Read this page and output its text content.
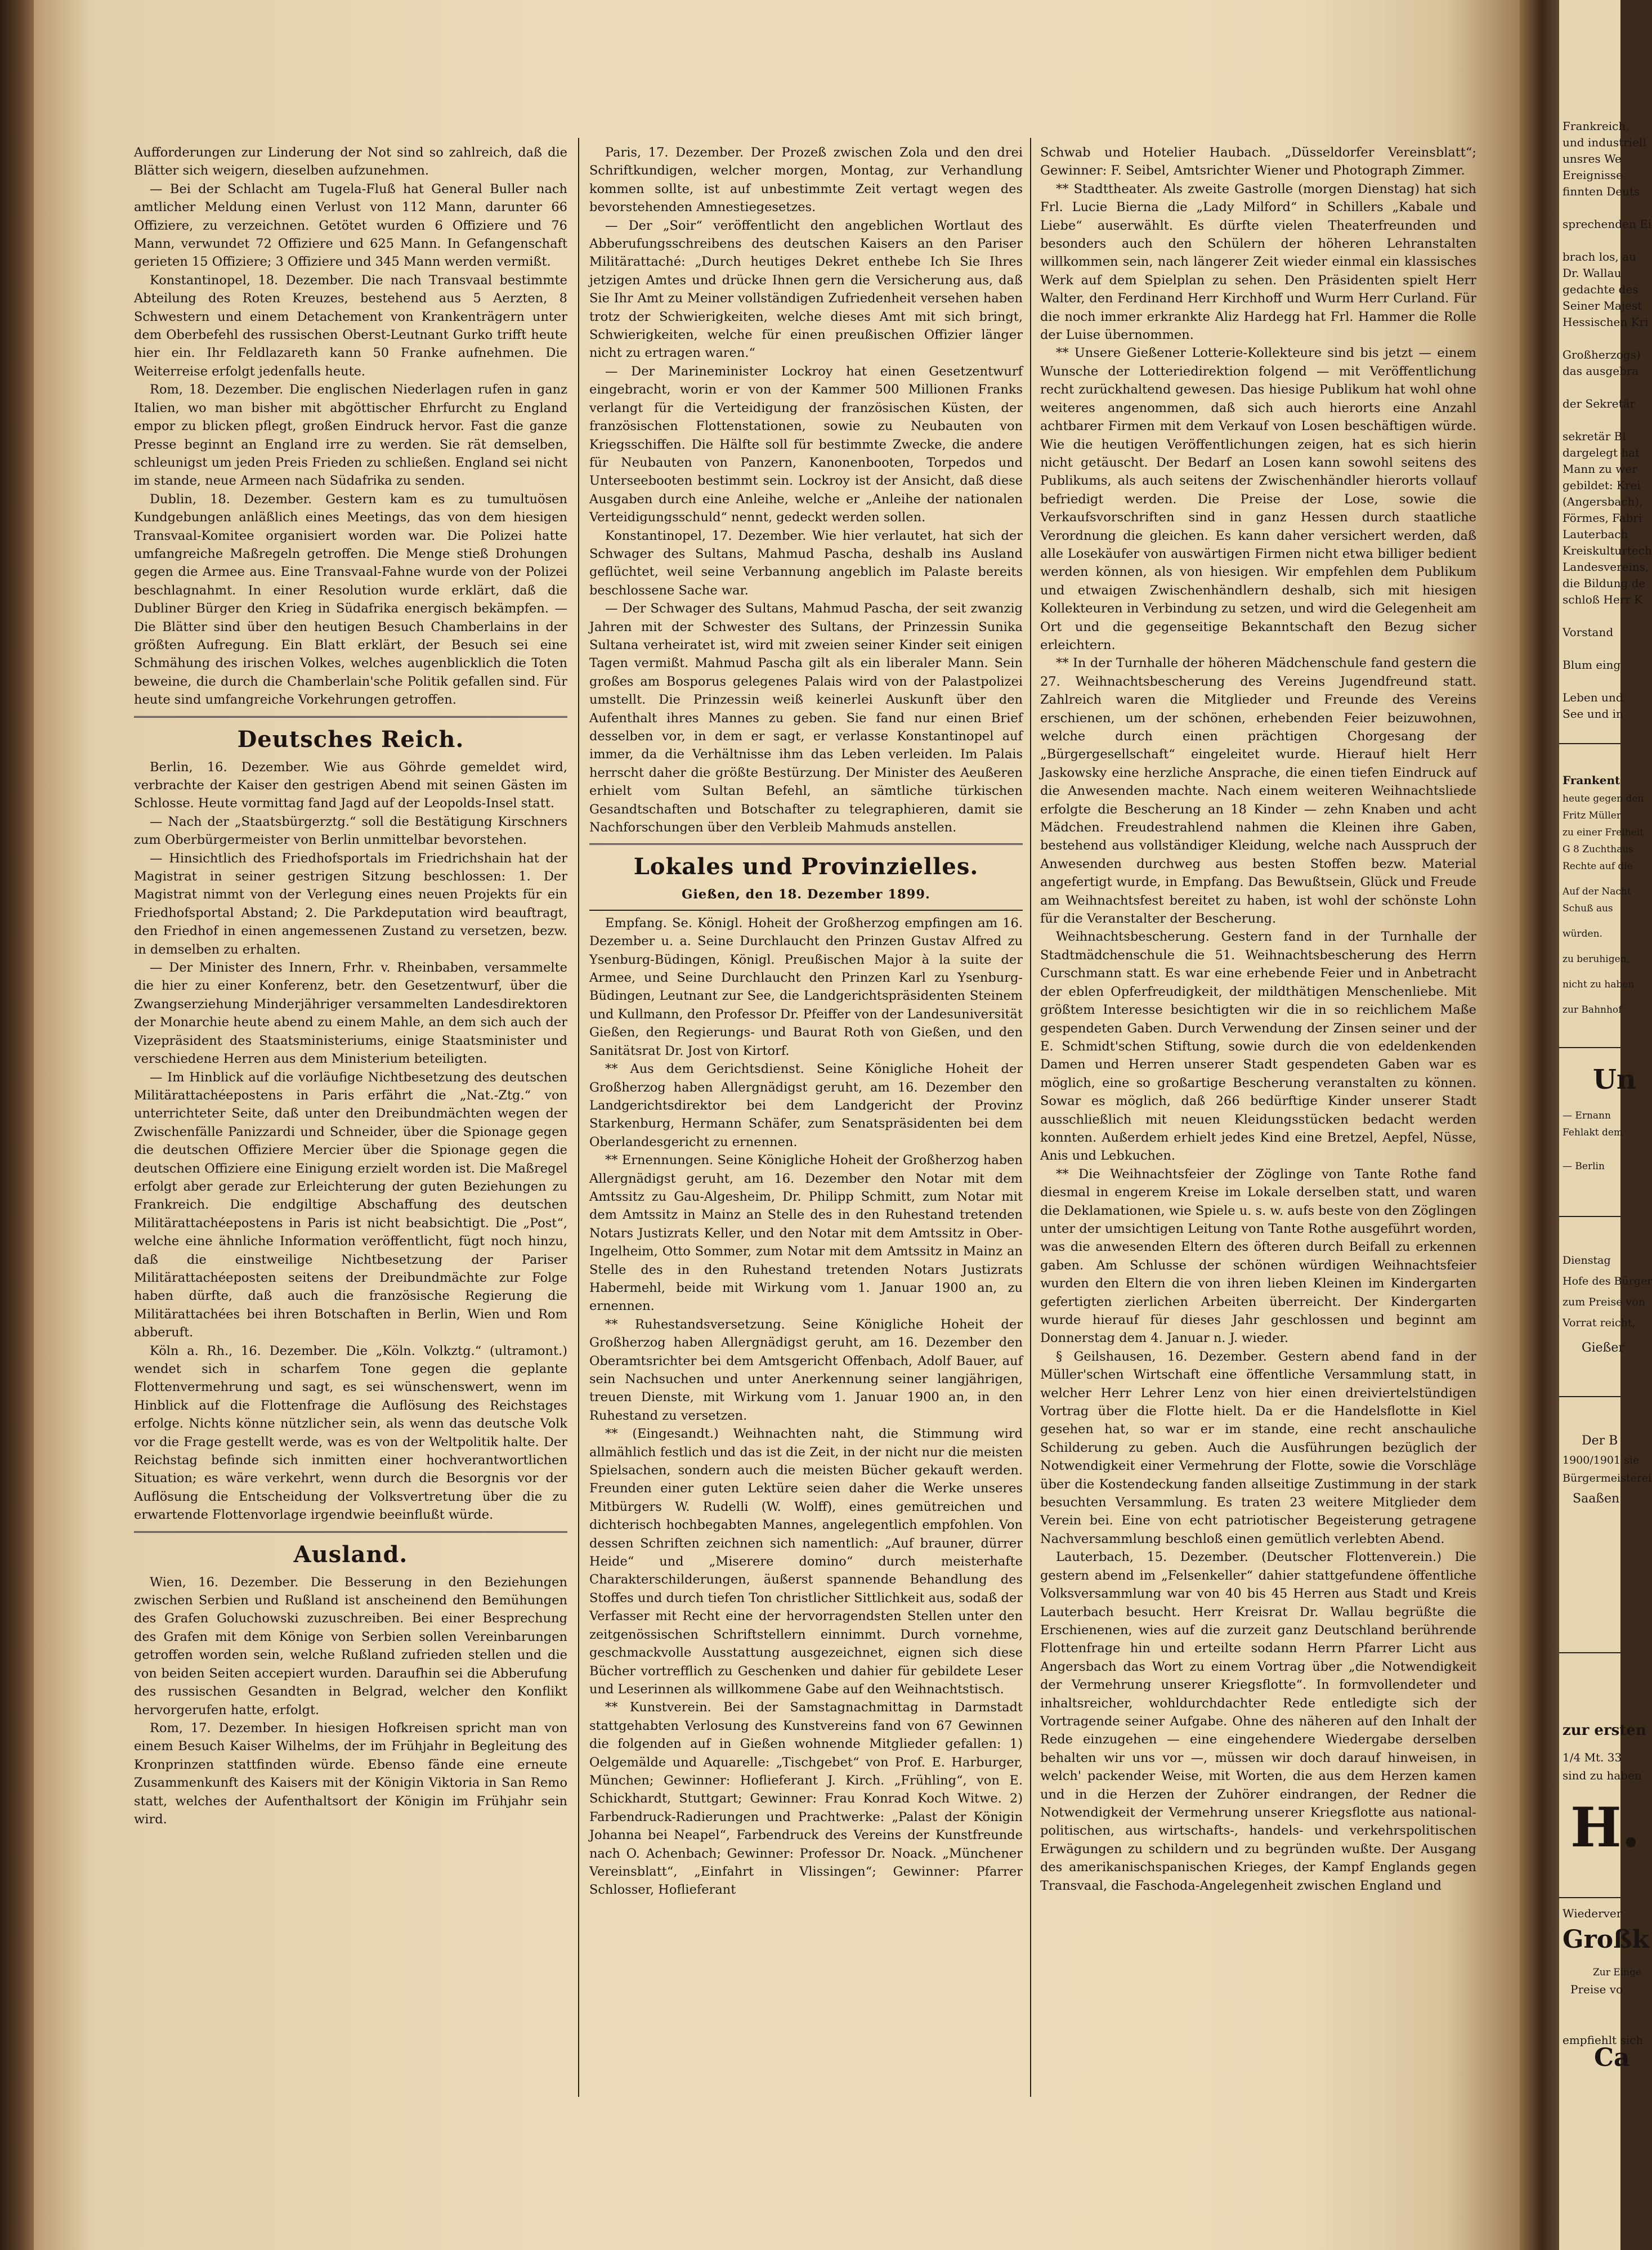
Aufforderungen zur Linderung der Not sind so zahlreich, daß die Blätter sich weigern, dieselben aufzunehmen.

— Bei der Schlacht am Tugela-Fluß hat General Buller nach amtlicher Meldung einen Verlust von 112 Mann, darunter 66 Offiziere, zu verzeichnen. Getötet wurden 6 Offiziere und 76 Mann, verwundet 72 Offiziere und 625 Mann. In Gefangenschaft gerieten 15 Offiziere; 3 Offiziere und 345 Mann werden vermißt.

Konstantinopel, 18. Dezember. Die nach Transvaal bestimmte Abteilung des Roten Kreuzes, bestehend aus 5 Aerzten, 8 Schwestern und einem Detachement von Krankenträgern unter dem Oberbefehl des russischen Oberst-Leutnant Gurko trifft heute hier ein. Ihr Feldlazareth kann 50 Franke aufnehmen. Die Weiterreise erfolgt jedenfalls heute.

Rom, 18. Dezember. Die englischen Niederlagen rufen in ganz Italien, wo man bisher mit abgöttischer Ehrfurcht zu England empor zu blicken pflegt, großen Eindruck hervor. Fast die ganze Presse beginnt an England irre zu werden. Sie rät demselben, schleunigst um jeden Preis Frieden zu schließen. England sei nicht im stande, neue Armeen nach Südafrika zu senden.

Dublin, 18. Dezember. Gestern kam es zu tumultuösen Kundgebungen anläßlich eines Meetings, das von dem hiesigen Transvaal-Komitee organisiert worden war. Die Polizei hatte umfangreiche Maßregeln getroffen. Die Menge stieß Drohungen gegen die Armee aus. Eine Transvaal-Fahne wurde von der Polizei beschlagnahmt. In einer Resolution wurde erklärt, daß die Dubliner Bürger den Krieg in Südafrika energisch bekämpfen. — Die Blätter sind über den heutigen Besuch Chamberlains in der größten Aufregung. Ein Blatt erklärt, der Besuch sei eine Schmähung des irischen Volkes, welches augenblicklich die Toten beweine, die durch die Chamberlain'sche Politik gefallen sind. Für heute sind umfangreiche Vorkehrungen getroffen.

Deutsches Reich.

Berlin, 16. Dezember. Wie aus Göhrde gemeldet wird, verbrachte der Kaiser den gestrigen Abend mit seinen Gästen im Schlosse. Heute vormittag fand Jagd auf der Leopolds-Insel statt.

— Nach der „Staatsbürgerztg.“ soll die Bestätigung Kirschners zum Oberbürgermeister von Berlin unmittelbar bevorstehen.

— Hinsichtlich des Friedhofsportals im Friedrichshain hat der Magistrat in seiner gestrigen Sitzung beschlossen: 1. Der Magistrat nimmt von der Verlegung eines neuen Projekts für ein Friedhofsportal Abstand; 2. Die Parkdeputation wird beauftragt, den Friedhof in einen angemessenen Zustand zu versetzen, bezw. in demselben zu erhalten.

— Der Minister des Innern, Frhr. v. Rheinbaben, versammelte die hier zu einer Konferenz, betr. den Gesetzentwurf, über die Zwangserziehung Minderjähriger versammelten Landesdirektoren der Monarchie heute abend zu einem Mahle, an dem sich auch der Vizepräsident des Staatsministeriums, einige Staatsminister und verschiedene Herren aus dem Ministerium beteiligten.

— Im Hinblick auf die vorläufige Nichtbesetzung des deutschen Militärattachéepostens in Paris erfährt die „Nat.-Ztg.“ von unterrichteter Seite, daß unter den Dreibundmächten wegen der Zwischenfälle Panizzardi und Schneider, über die Spionage gegen die deutschen Offiziere Mercier über die Spionage gegen die deutschen Offiziere eine Einigung erzielt worden ist. Die Maßregel erfolgt aber gerade zur Erleichterung der guten Beziehungen zu Frankreich. Die endgiltige Abschaffung des deutschen Militärattachéepostens in Paris ist nicht beabsichtigt. Die „Post“, welche eine ähnliche Information veröffentlicht, fügt noch hinzu, daß die einstweilige Nichtbesetzung der Pariser Militärattachéeposten seitens der Dreibundmächte zur Folge haben dürfte, daß auch die französische Regierung die Militärattachées bei ihren Botschaften in Berlin, Wien und Rom abberuft.

Köln a. Rh., 16. Dezember. Die „Köln. Volkztg.“ (ultramont.) wendet sich in scharfem Tone gegen die geplante Flottenvermehrung und sagt, es sei wünschenswert, wenn im Hinblick auf die Flottenfrage die Auflösung des Reichstages erfolge. Nichts könne nützlicher sein, als wenn das deutsche Volk vor die Frage gestellt werde, was es von der Weltpolitik halte. Der Reichstag befinde sich inmitten einer hochverantwortlichen Situation; es wäre verkehrt, wenn durch die Besorgnis vor der Auflösung die Entscheidung der Volksvertretung über die zu erwartende Flottenvorlage irgendwie beeinflußt würde.

Ausland.

Wien, 16. Dezember. Die Besserung in den Beziehungen zwischen Serbien und Rußland ist anscheinend den Bemühungen des Grafen Goluchowski zuzuschreiben. Bei einer Besprechung des Grafen mit dem Könige von Serbien sollen Vereinbarungen getroffen worden sein, welche Rußland zufrieden stellen und die von beiden Seiten accepiert wurden. Daraufhin sei die Abberufung des russischen Gesandten in Belgrad, welcher den Konflikt hervorgerufen hatte, erfolgt.

Rom, 17. Dezember. In hiesigen Hofkreisen spricht man von einem Besuch Kaiser Wilhelms, der im Frühjahr in Begleitung des Kronprinzen stattfinden würde. Ebenso fände eine erneute Zusammenkunft des Kaisers mit der Königin Viktoria in San Remo statt, welches der Aufenthaltsort der Königin im Frühjahr sein wird.

Paris, 17. Dezember. Der Prozeß zwischen Zola und den drei Schriftkundigen, welcher morgen, Montag, zur Verhandlung kommen sollte, ist auf unbestimmte Zeit vertagt wegen des bevorstehenden Amnestiegesetzes.

— Der „Soir“ veröffentlicht den angeblichen Wortlaut des Abberufungsschreibens des deutschen Kaisers an den Pariser Militärattaché: „Durch heutiges Dekret enthebe Ich Sie Ihres jetzigen Amtes und drücke Ihnen gern die Versicherung aus, daß Sie Ihr Amt zu Meiner vollständigen Zufriedenheit versehen haben trotz der Schwierigkeiten, welche dieses Amt mit sich bringt, Schwierigkeiten, welche für einen preußischen Offizier länger nicht zu ertragen waren.“

— Der Marineminister Lockroy hat einen Gesetzentwurf eingebracht, worin er von der Kammer 500 Millionen Franks verlangt für die Verteidigung der französischen Küsten, der französischen Flottenstationen, sowie zu Neubauten von Kriegsschiffen. Die Hälfte soll für bestimmte Zwecke, die andere für Neubauten von Panzern, Kanonenbooten, Torpedos und Unterseebooten bestimmt sein. Lockroy ist der Ansicht, daß diese Ausgaben durch eine Anleihe, welche er „Anleihe der nationalen Verteidigungsschuld“ nennt, gedeckt werden sollen.

Konstantinopel, 17. Dezember. Wie hier verlautet, hat sich der Schwager des Sultans, Mahmud Pascha, deshalb ins Ausland geflüchtet, weil seine Verbannung angeblich im Palaste bereits beschlossene Sache war.

— Der Schwager des Sultans, Mahmud Pascha, der seit zwanzig Jahren mit der Schwester des Sultans, der Prinzessin Sunika Sultana verheiratet ist, wird mit zweien seiner Kinder seit einigen Tagen vermißt. Mahmud Pascha gilt als ein liberaler Mann. Sein großes am Bosporus gelegenes Palais wird von der Palastpolizei umstellt. Die Prinzessin weiß keinerlei Auskunft über den Aufenthalt ihres Mannes zu geben. Sie fand nur einen Brief desselben vor, in dem er sagt, er verlasse Konstantinopel auf immer, da die Verhältnisse ihm das Leben verleiden. Im Palais herrscht daher die größte Bestürzung. Der Minister des Aeußeren erhielt vom Sultan Befehl, an sämtliche türkischen Gesandtschaften und Botschafter zu telegraphieren, damit sie Nachforschungen über den Verbleib Mahmuds anstellen.

Lokales und Provinzielles.
Gießen, den 18. Dezember 1899.

Empfang. Se. Königl. Hoheit der Großherzog empfingen am 16. Dezember u. a. Seine Durchlaucht den Prinzen Gustav Alfred zu Ysenburg-Büdingen, Königl. Preußischen Major à la suite der Armee, und Seine Durchlaucht den Prinzen Karl zu Ysenburg-Büdingen, Leutnant zur See, die Landgerichtspräsidenten Steinem und Kullmann, den Professor Dr. Pfeiffer von der Landesuniversität Gießen, den Regierungs- und Baurat Roth von Gießen, und den Sanitätsrat Dr. Jost von Kirtorf.

** Aus dem Gerichtsdienst. Seine Königliche Hoheit der Großherzog haben Allergnädigst geruht, am 16. Dezember den Landgerichtsdirektor bei dem Landgericht der Provinz Starkenburg, Hermann Schäfer, zum Senatspräsidenten bei dem Oberlandesgericht zu ernennen.

** Ernennungen. Seine Königliche Hoheit der Großherzog haben Allergnädigst geruht, am 16. Dezember den Notar mit dem Amtssitz zu Gau-Algesheim, Dr. Philipp Schmitt, zum Notar mit dem Amtssitz in Mainz an Stelle des in den Ruhestand tretenden Notars Justizrats Keller, und den Notar mit dem Amtssitz in Ober-Ingelheim, Otto Sommer, zum Notar mit dem Amtssitz in Mainz an Stelle des in den Ruhestand tretenden Notars Justizrats Habermehl, beide mit Wirkung vom 1. Januar 1900 an, zu ernennen.

** Ruhestandsversetzung. Seine Königliche Hoheit der Großherzog haben Allergnädigst geruht, am 16. Dezember den Oberamtsrichter bei dem Amtsgericht Offenbach, Adolf Bauer, auf sein Nachsuchen und unter Anerkennung seiner langjährigen, treuen Dienste, mit Wirkung vom 1. Januar 1900 an, in den Ruhestand zu versetzen.

** (Eingesandt.) Weihnachten naht, die Stimmung wird allmählich festlich und das ist die Zeit, in der nicht nur die meisten Spielsachen, sondern auch die meisten Bücher gekauft werden. Freunden einer guten Lektüre seien daher die Werke unseres Mitbürgers W. Rudelli (W. Wolff), eines gemütreichen und dichterisch hochbegabten Mannes, angelegentlich empfohlen. Von dessen Schriften zeichnen sich namentlich: „Auf brauner, dürrer Heide“ und „Miserere domino“ durch meisterhafte Charakterschilderungen, äußerst spannende Behandlung des Stoffes und durch tiefen Ton christlicher Sittlichkeit aus, sodaß der Verfasser mit Recht eine der hervorragendsten Stellen unter den zeitgenössischen Schriftstellern einnimmt. Durch vornehme, geschmackvolle Ausstattung ausgezeichnet, eignen sich diese Bücher vortrefflich zu Geschenken und dahier für gebildete Leser und Leserinnen als willkommene Gabe auf den Weihnachtstisch.

** Kunstverein. Bei der Samstagnachmittag in Darmstadt stattgehabten Verlosung des Kunstvereins fand von 67 Gewinnen die folgenden auf in Gießen wohnende Mitglieder gefallen: 1) Oelgemälde und Aquarelle: „Tischgebet“ von Prof. E. Harburger, München; Gewinner: Hoflieferant J. Kirch. „Frühling“, von E. Schickhardt, Stuttgart; Gewinner: Frau Konrad Koch Witwe. 2) Farbendruck-Radierungen und Prachtwerke: „Palast der Königin Johanna bei Neapel“, Farbendruck des Vereins der Kunstfreunde nach O. Achenbach; Gewinner: Professor Dr. Noack. „Münchener Vereinsblatt“, „Einfahrt in Vlissingen“; Gewinner: Pfarrer Schlosser, Hoflieferant

Schwab und Hotelier Haubach. „Düsseldorfer Vereinsblatt“; Gewinner: F. Seibel, Amtsrichter Wiener und Photograph Zimmer.

** Stadttheater. Als zweite Gastrolle (morgen Dienstag) hat sich Frl. Lucie Bierna die „Lady Milford“ in Schillers „Kabale und Liebe“ auserwählt. Es dürfte vielen Theaterfreunden und besonders auch den Schülern der höheren Lehranstalten willkommen sein, nach längerer Zeit wieder einmal ein klassisches Werk auf dem Spielplan zu sehen. Den Präsidenten spielt Herr Walter, den Ferdinand Herr Kirchhoff und Wurm Herr Curland. Für die noch immer erkrankte Aliz Hardegg hat Frl. Hammer die Rolle der Luise übernommen.

** Unsere Gießener Lotterie-Kollekteure sind bis jetzt — einem Wunsche der Lotteriedirektion folgend — mit Veröffentlichung recht zurückhaltend gewesen. Das hiesige Publikum hat wohl ohne weiteres angenommen, daß sich auch hierorts eine Anzahl achtbarer Firmen mit dem Verkauf von Losen beschäftigen würde. Wie die heutigen Veröffentlichungen zeigen, hat es sich hierin nicht getäuscht. Der Bedarf an Losen kann sowohl seitens des Publikums, als auch seitens der Zwischenhändler hierorts vollauf befriedigt werden. Die Preise der Lose, sowie die Verkaufsvorschriften sind in ganz Hessen durch staatliche Verordnung die gleichen. Es kann daher versichert werden, daß alle Losekäufer von auswärtigen Firmen nicht etwa billiger bedient werden können, als von hiesigen. Wir empfehlen dem Publikum und etwaigen Zwischenhändlern deshalb, sich mit hiesigen Kollekteuren in Verbindung zu setzen, und wird die Gelegenheit am Ort und die gegenseitige Bekanntschaft den Bezug sicher erleichtern.

** In der Turnhalle der höheren Mädchenschule fand gestern die 27. Weihnachtsbescherung des Vereins Jugendfreund statt. Zahlreich waren die Mitglieder und Freunde des Vereins erschienen, um der schönen, erhebenden Feier beizuwohnen, welche durch einen prächtigen Chorgesang der „Bürgergesellschaft“ eingeleitet wurde. Hierauf hielt Herr Jaskowsky eine herzliche Ansprache, die einen tiefen Eindruck auf die Anwesenden machte. Nach einem weiteren Weihnachtsliede erfolgte die Bescherung an 18 Kinder — zehn Knaben und acht Mädchen. Freudestrahlend nahmen die Kleinen ihre Gaben, bestehend aus vollständiger Kleidung, welche nach Ausspruch der Anwesenden durchweg aus besten Stoffen bezw. Material angefertigt wurde, in Empfang. Das Bewußtsein, Glück und Freude am Weihnachtsfest bereitet zu haben, ist wohl der schönste Lohn für die Veranstalter der Bescherung.

Weihnachtsbescherung. Gestern fand in der Turnhalle der Stadtmädchenschule die 51. Weihnachtsbescherung des Herrn Curschmann statt. Es war eine erhebende Feier und in Anbetracht der eblen Opferfreudigkeit, der mildthätigen Menschenliebe. Mit größtem Interesse besichtigten wir die in so reichlichem Maße gespendeten Gaben. Durch Verwendung der Zinsen seiner und der E. Schmidt'schen Stiftung, sowie durch die von edeldenkenden Damen und Herren unserer Stadt gespendeten Gaben war es möglich, eine so großartige Bescherung veranstalten zu können. Sowar es möglich, daß 266 bedürftige Kinder unserer Stadt ausschließlich mit neuen Kleidungsstücken bedacht werden konnten. Außerdem erhielt jedes Kind eine Bretzel, Aepfel, Nüsse, Anis und Lebkuchen.

** Die Weihnachtsfeier der Zöglinge von Tante Rothe fand diesmal in engerem Kreise im Lokale derselben statt, und waren die Deklamationen, wie Spiele u. s. w. aufs beste von den Zöglingen unter der umsichtigen Leitung von Tante Rothe ausgeführt worden, was die anwesenden Eltern des öfteren durch Beifall zu erkennen gaben. Am Schlusse der schönen würdigen Weihnachtsfeier wurden den Eltern die von ihren lieben Kleinen im Kindergarten gefertigten zierlichen Arbeiten überreicht. Der Kindergarten wurde hierauf für dieses Jahr geschlossen und beginnt am Donnerstag dem 4. Januar n. J. wieder.

§ Geilshausen, 16. Dezember. Gestern abend fand in der Müller'schen Wirtschaft eine öffentliche Versammlung statt, in welcher Herr Lehrer Lenz von hier einen dreiviertelstündigen Vortrag über die Flotte hielt. Da er die Handelsflotte in Kiel gesehen hat, so war er im stande, eine recht anschauliche Schilderung zu geben. Auch die Ausführungen bezüglich der Notwendigkeit einer Vermehrung der Flotte, sowie die Vorschläge über die Kostendeckung fanden allseitige Zustimmung in der stark besuchten Versammlung. Es traten 23 weitere Mitglieder dem Verein bei. Eine von echt patriotischer Begeisterung getragene Nachversammlung beschloß einen gemütlich verlebten Abend.

Lauterbach, 15. Dezember. (Deutscher Flottenverein.) Die gestern abend im „Felsenkeller“ dahier stattgefundene öffentliche Volksversammlung war von 40 bis 45 Herren aus Stadt und Kreis Lauterbach besucht. Herr Kreisrat Dr. Wallau begrüßte die Erschienenen, wies auf die zurzeit ganz Deutschland berührende Flottenfrage hin und erteilte sodann Herrn Pfarrer Licht aus Angersbach das Wort zu einem Vortrag über „die Notwendigkeit der Vermehrung unserer Kriegsflotte“. In formvollendeter und inhaltsreicher, wohldurchdachter Rede entledigte sich der Vortragende seiner Aufgabe. Ohne des näheren auf den Inhalt der Rede einzugehen — eine eingehendere Wiedergabe derselben behalten wir uns vor —, müssen wir doch darauf hinweisen, in welch' packender Weise, mit Worten, die aus dem Herzen kamen und in die Herzen der Zuhörer eindrangen, der Redner die Notwendigkeit der Vermehrung unserer Kriegsflotte aus national-politischen, aus wirtschafts-, handels- und verkehrspolitischen Erwägungen zu schildern und zu begründen wußte. Der Ausgang des amerikanischspanischen Krieges, der Kampf Englands gegen Transvaal, die Faschoda-Angelegenheit zwischen England und

Frankreich,
und industriell
unsres We
Ereignisse
finnten Deuts
sprechenden Ei
brach los, au
Dr. Wallau
gedachte des
Seiner Majest
Hessischen Kri
Großherzogs)
das ausgebra
der Sekretär
sekretär Bl
dargelegt hat
Mann zu wer
gebildet: Krei
(Angersbach),
Förmes, Fabri
Lauterbach
Kreiskulturtech
Landesvereins,
die Bildung de
schloß Herr K
Vorstand
Blum eing
Leben und
See und in
Frankent
heute gegen den
Fritz Müller
zu einer Freiheit
G 8 Zuchthaus
Rechte auf die
Auf der Nacht
Schuß aus
würden.
zu beruhigen,
nicht zu haben
zur Bahnhof
Un
— Ernann
Fehlakt dem
— Berlin
Dienstag
Hofe des Bürger
zum Preise von
Vorrat reicht,
Gießer
Der B
1900/1901 sie
Bürgermeisterei
Saaßen
zur ersten
1/4 Mt. 33
sind zu haben
H.
Wiederver
Großk
Zur Einge
Preise vo
empfiehlt sich
Ca
